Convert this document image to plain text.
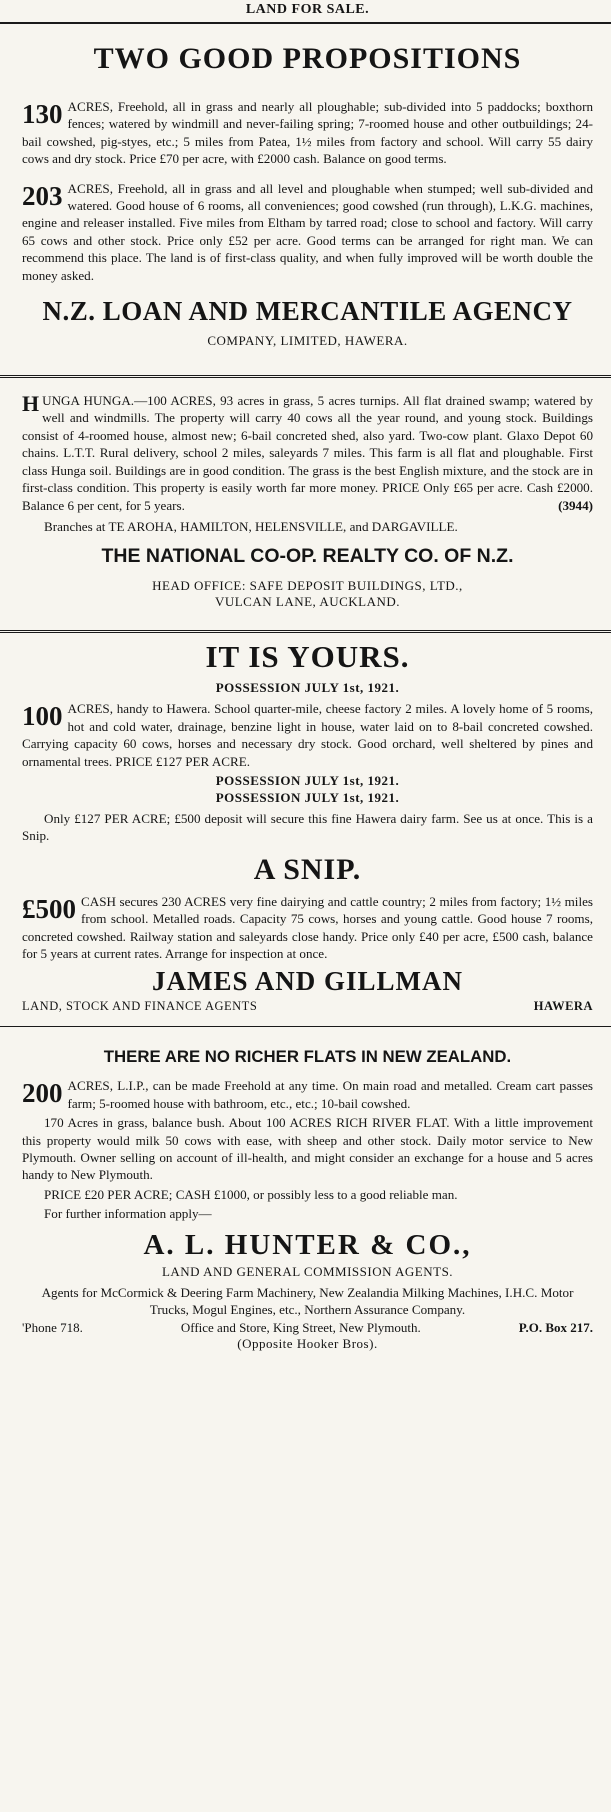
LAND FOR SALE.
TWO GOOD PROPOSITIONS
130 ACRES, Freehold, all in grass and nearly all ploughable; sub-divided into 5 paddocks; boxthorn fences; watered by windmill and never-failing spring; 7-roomed house and other outbuildings; 24-bail cowshed, pig-styes, etc.; 5 miles from Patea, 1½ miles from factory and school. Will carry 55 dairy cows and dry stock. Price £70 per acre, with £2000 cash. Balance on good terms.
203 ACRES, Freehold, all in grass and all level and ploughable when stumped; well sub-divided and watered. Good house of 6 rooms, all conveniences; good cowshed (run through), L.K.G. machines, engine and releaser installed. Five miles from Eltham by tarred road; close to school and factory. Will carry 65 cows and other stock. Price only £52 per acre. Good terms can be arranged for right man. We can recommend this place. The land is of first-class quality, and when fully improved will be worth double the money asked.
N.Z. LOAN AND MERCANTILE AGENCY
COMPANY, LIMITED, HAWERA.
H UNGA HUNGA.—100 ACRES, 93 acres in grass, 5 acres turnips. All flat drained swamp; watered by well and windmills. The property will carry 40 cows all the year round, and young stock. Buildings consist of 4-roomed house, almost new; 6-bail concreted shed, also yard. Two-cow plant. Glaxo Depot 60 chains. L.T.T. Rural delivery, school 2 miles, saleyards 7 miles. This farm is all flat and ploughable. First class Hunga soil. Buildings are in good condition. The grass is the best English mixture, and the stock are in first-class condition. This property is easily worth far more money. PRICE Only £65 per acre. Cash £2000. Balance 6 per cent, for 5 years.	(3944)
Branches at TE AROHA, HAMILTON, HELENSVILLE, and DARGAVILLE.
THE NATIONAL CO-OP. REALTY CO. OF N.Z.
HEAD OFFICE: SAFE DEPOSIT BUILDINGS, LTD.,
VULCAN LANE, AUCKLAND.
IT IS YOURS.
POSSESSION JULY 1st, 1921.
100 ACRES, handy to Hawera. School quarter-mile, cheese factory 2 miles. A lovely home of 5 rooms, hot and cold water, drainage, benzine light in house, water laid on to 8-bail concreted cowshed. Carrying capacity 60 cows, horses and necessary dry stock. Good orchard, well sheltered by pines and ornamental trees. PRICE £127 PER ACRE.
POSSESSION JULY 1st, 1921.
POSSESSION JULY 1st, 1921.
Only £127 PER ACRE; £500 deposit will secure this fine Hawera dairy farm. See us at once. This is a Snip.
A SNIP.
£500 CASH secures 230 ACRES very fine dairying and cattle country; 2 miles from factory; 1½ miles from school. Metalled roads. Capacity 75 cows, horses and young cattle. Good house 7 rooms, concreted cowshed. Railway station and saleyards close handy. Price only £40 per acre, £500 cash, balance for 5 years at current rates. Arrange for inspection at once.
JAMES AND GILLMAN
LAND, STOCK AND FINANCE AGENTS	HAWERA
THERE ARE NO RICHER FLATS IN NEW ZEALAND.
200 ACRES, L.I.P., can be made Freehold at any time. On main road and metalled. Cream cart passes farm; 5-roomed house with bathroom, etc., etc.; 10-bail cowshed.
170 Acres in grass, balance bush. About 100 ACRES RICH RIVER FLAT. With a little improvement this property would milk 50 cows with ease, with sheep and other stock. Daily motor service to New Plymouth. Owner selling on account of ill-health, and might consider an exchange for a house and 5 acres handy to New Plymouth.
PRICE £20 PER ACRE; CASH £1000, or possibly less to a good reliable man.
For further information apply—
A. L. HUNTER & CO.,
LAND AND GENERAL COMMISSION AGENTS.
Agents for McCormick & Deering Farm Machinery, New Zealandia Milking Machines, I.H.C. Motor Trucks, Mogul Engines, etc., Northern Assurance Company.
'Phone 718.	Office and Store, King Street, New Plymouth.	P.O. Box 217.
(Opposite Hooker Bros).
